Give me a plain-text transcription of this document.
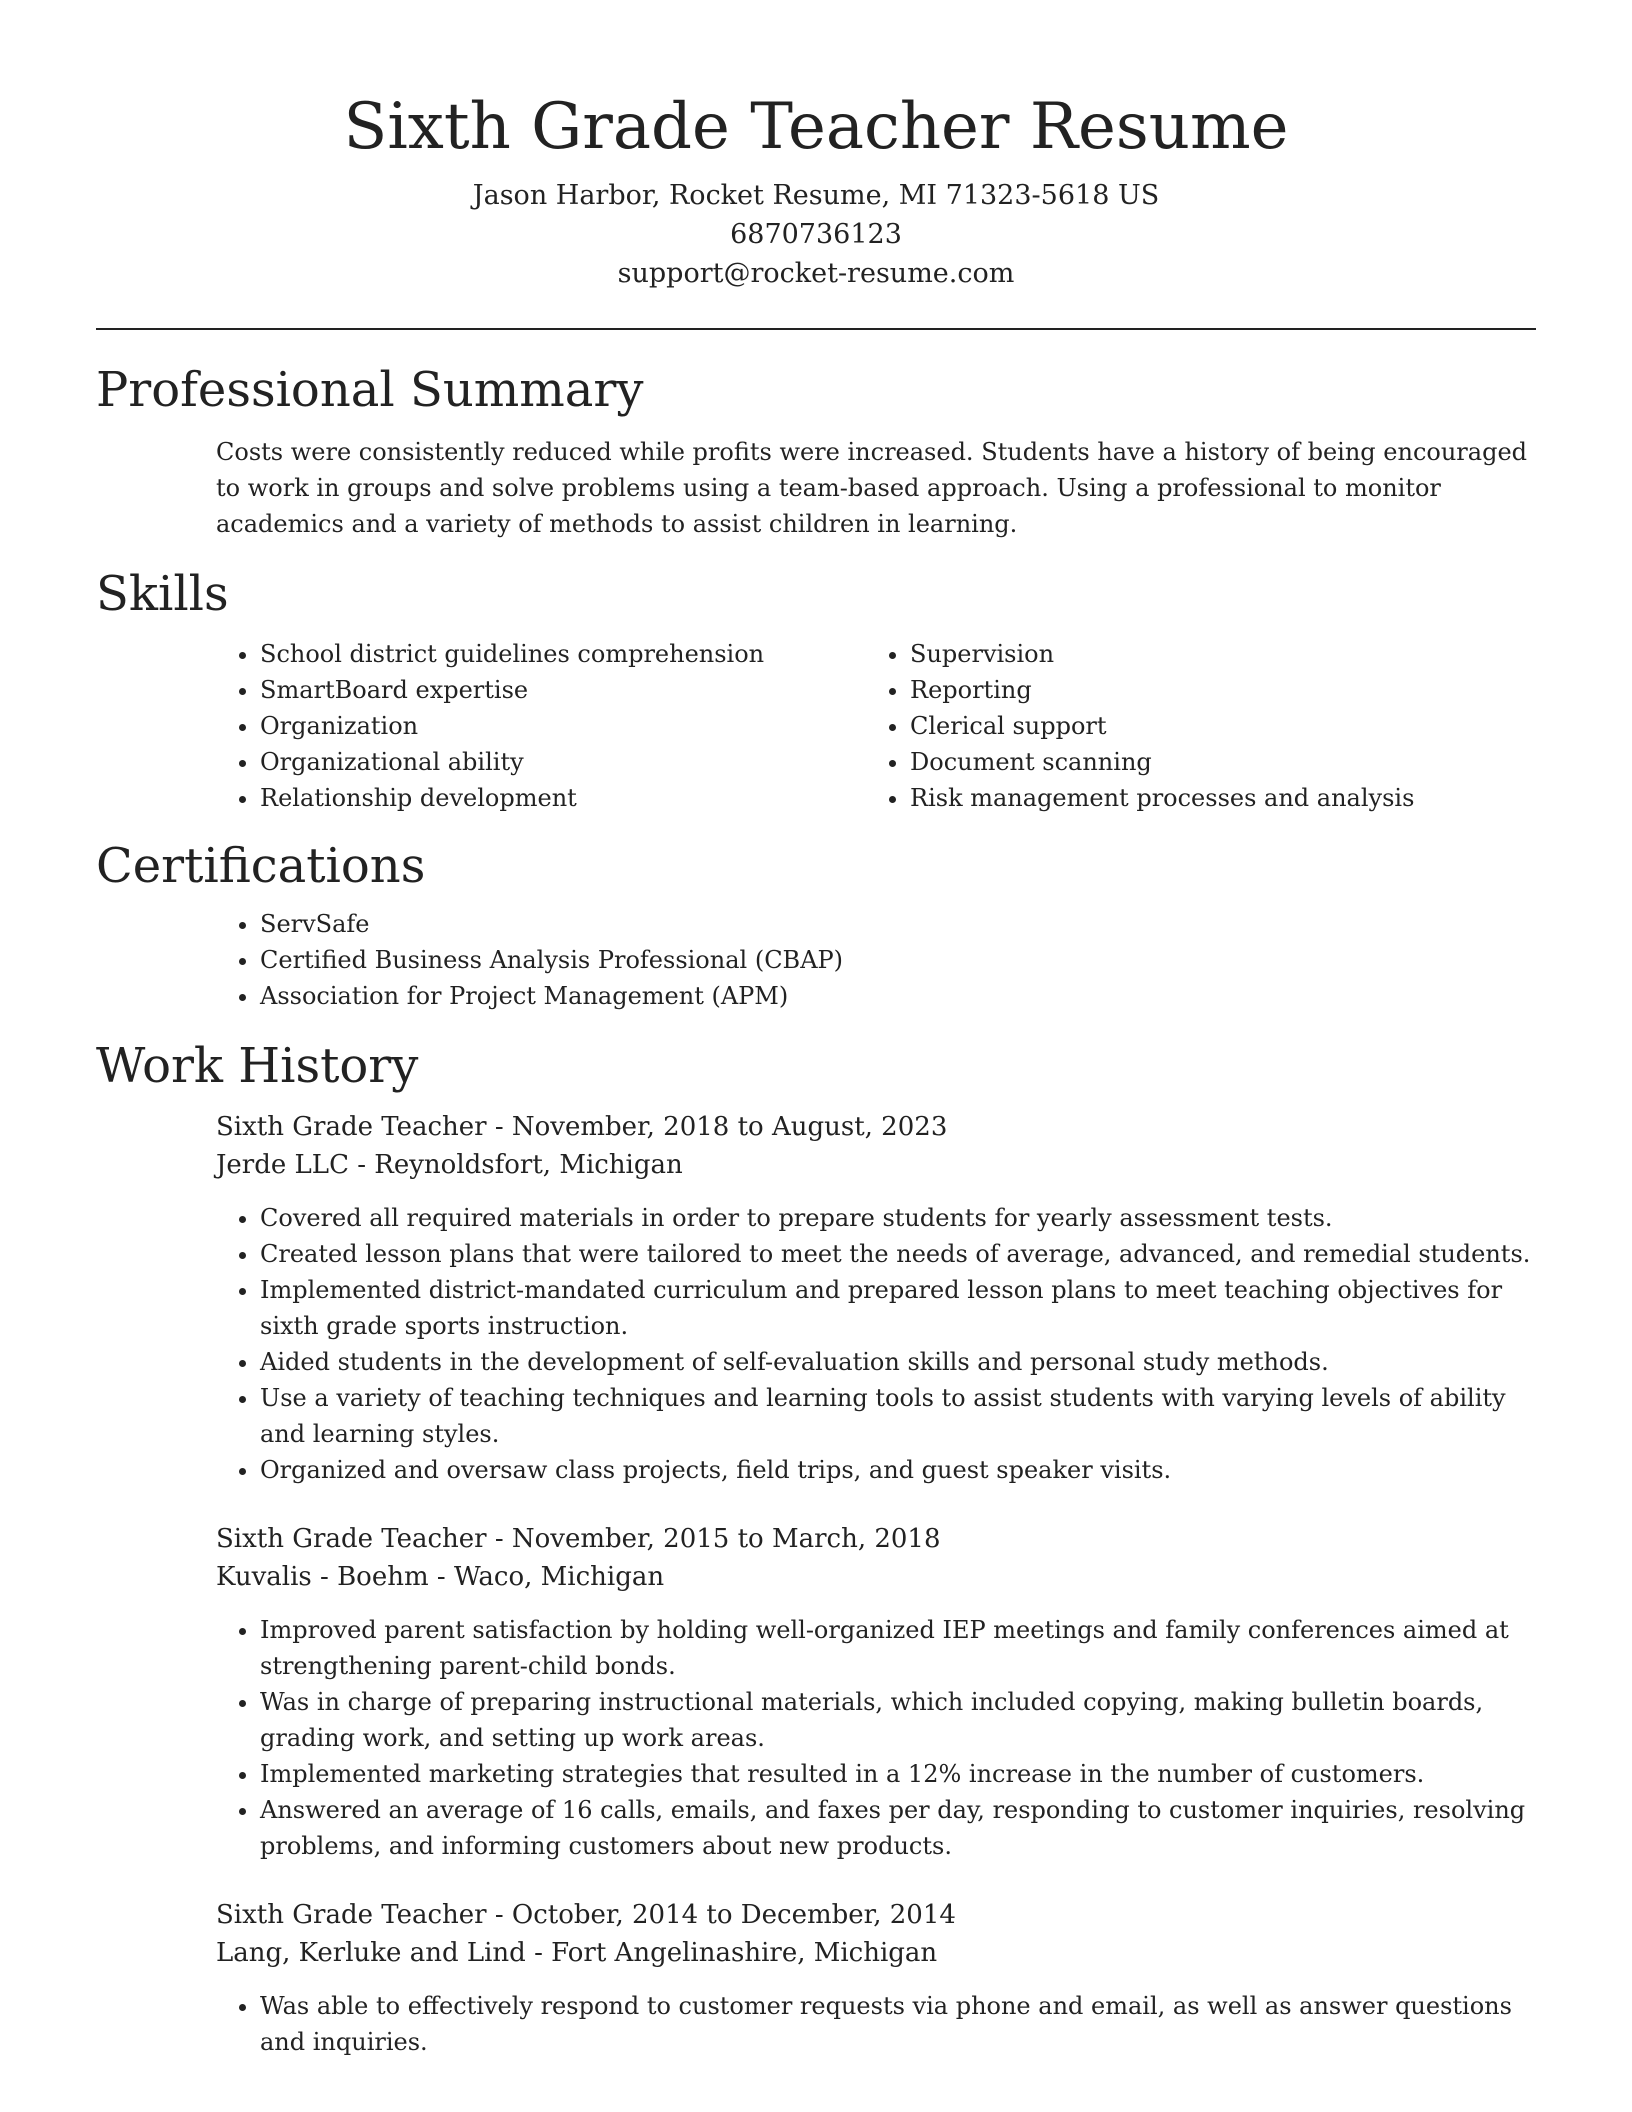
Sixth Grade Teacher Resume

Jason Harbor, Rocket Resume, MI 71323-5618 US

6870736123

support@rocket-resume.com

Professional Summary

Costs were consistently reduced while profits were increased. Students have a history of being encouraged to work in groups and solve problems using a team-based approach. Using a professional to monitor academics and a variety of methods to assist children in learning.

Skills
• School district guidelines comprehension
• SmartBoard expertise
• Organization
• Organizational ability
• Relationship development
• Supervision
• Reporting
• Clerical support
• Document scanning
• Risk management processes and analysis
Certifications
• ServSafe
• Certified Business Analysis Professional (CBAP)
• Association for Project Management (APM)
Work History
Sixth Grade Teacher - November, 2018 to August, 2023
Jerde LLC - Reynoldsfort, Michigan
• Covered all required materials in order to prepare students for yearly assessment tests.
• Created lesson plans that were tailored to meet the needs of average, advanced, and remedial students.
• Implemented district-mandated curriculum and prepared lesson plans to meet teaching objectives for sixth grade sports instruction.
• Aided students in the development of self-evaluation skills and personal study methods.
• Use a variety of teaching techniques and learning tools to assist students with varying levels of ability and learning styles.
• Organized and oversaw class projects, field trips, and guest speaker visits.
Sixth Grade Teacher - November, 2015 to March, 2018
Kuvalis - Boehm - Waco, Michigan
• Improved parent satisfaction by holding well-organized IEP meetings and family conferences aimed at strengthening parent-child bonds.
• Was in charge of preparing instructional materials, which included copying, making bulletin boards, grading work, and setting up work areas.
• Implemented marketing strategies that resulted in a 12% increase in the number of customers.
• Answered an average of 16 calls, emails, and faxes per day, responding to customer inquiries, resolving problems, and informing customers about new products.
Sixth Grade Teacher - October, 2014 to December, 2014
Lang, Kerluke and Lind - Fort Angelinashire, Michigan
• Was able to effectively respond to customer requests via phone and email, as well as answer questions and inquiries.
